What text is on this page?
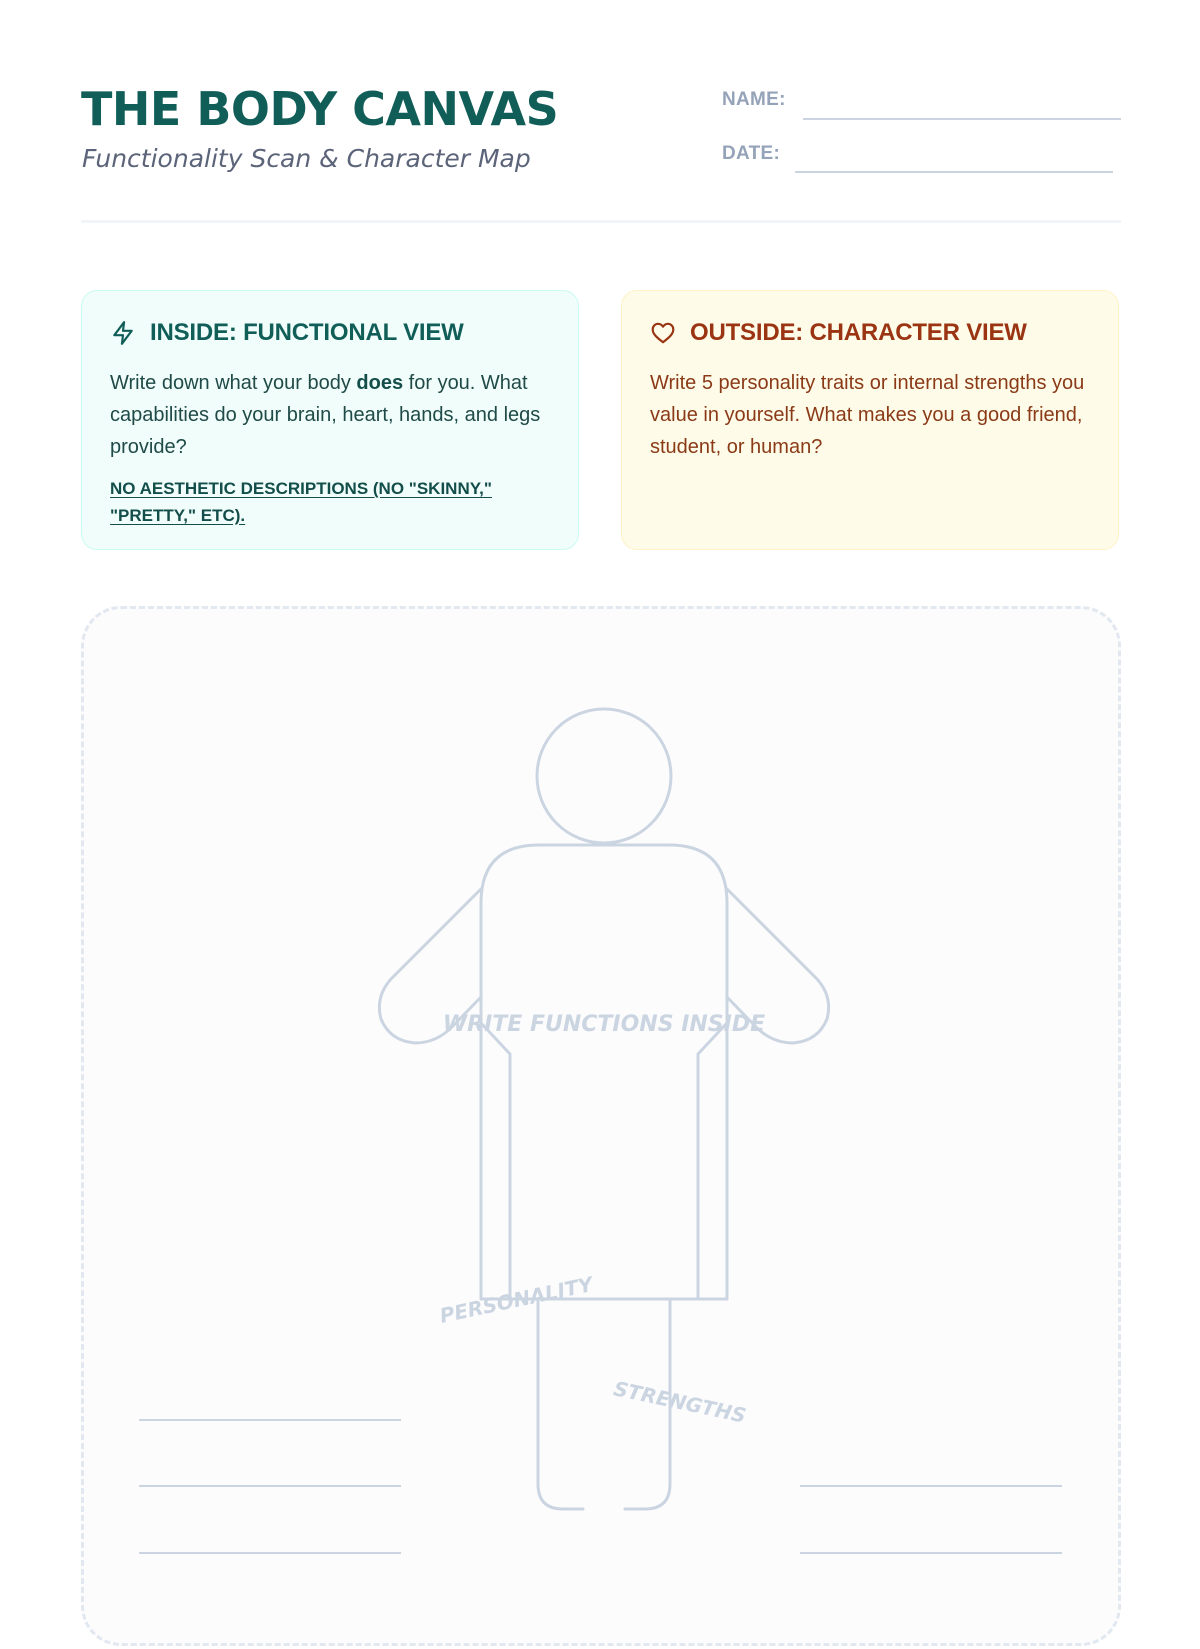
THE BODY CANVAS

Functionality Scan & Character Map

NAME:
DATE:
INSIDE: FUNCTIONAL VIEW
Write down what your body does for you. What capabilities do your brain, heart, hands, and legs provide?
NO AESTHETIC DESCRIPTIONS (NO "SKINNY," "PRETTY," ETC).
OUTSIDE: CHARACTER VIEW
Write 5 personality traits or internal strengths you value in yourself. What makes you a good friend, student, or human?
WRITE FUNCTIONS INSIDE
PERSONALITY
STRENGTHS
